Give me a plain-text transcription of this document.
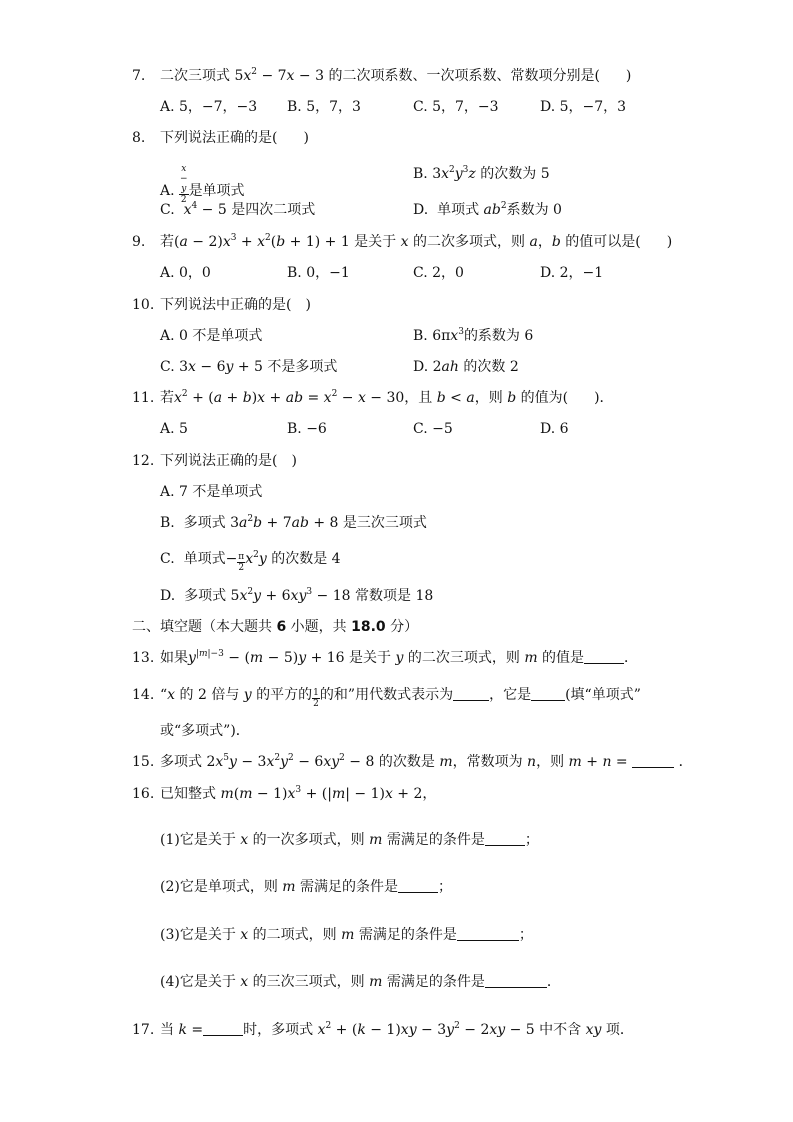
7. 二次三项式 $5x^2 - 7x - 3$ 的二次项系数、一次项系数、常数项分别是( )
A. 5，−7，−3 B. 5，7，3	C. 5，7，−3	D. 5，−7，3
8. 下列说法正确的是( )
A. x
−
y
2 是单项式
B. $3x^2y^3z$ 的次数为 5
C.  $x^4 - 5$ 是四次二项式	D.  单项式 $ab^2$系数为 0
9. 若$(a - 2)x^3 + x^2(b + 1) + 1$ 是关于 x 的二次多项式，则 a，b 的值可以是( )
A. 0，0	B. 0，−1	C. 2，0	D. 2，−1
10. 下列说法中正确的是(　)
A. 0 不是单项式	B. $6\pi x^3$的系数为 6
C. 3x − 6y + 5 不是多项式	D. 2ah 的次数 2
11. 若$x^2 + (a + b)x$ + ab = $x^2 - x - 30$，且 b < a，则 b 的值为( )．
A. 5	B. −6	C. −5	D. 6
12. 下列说法正确的是(　)
A. 7 不是单项式
B.  多项式 $3a^2b + 7ab + 8$ 是三次三项式
C.  单项式− $\frac{\pi}{2} x^2y$ 的次数是 4
D.  多项式 $5x^2y + 6xy^3 - 18$ 常数项是 18
二、填空题（本大题共 6 小题，共 18.0 分）
13. 如果$y^{|m|-3} - (m - 5)y + 16$ 是关于 y 的二次三项式，则 m 的值是	．
14. “x 的 2 倍与 y 的平方的 $\frac{1}{2}$ 的和”用代数式表示为	，它是 (填“单项式”
或“多项式”)．
15. 多项式 $2x^5y - 3x^2y^2 - 6xy^2 - 8$ 的次数是 m，常数项为 n，则 m + n =	．
16. 已知整式 $m(m - 1)x^3 + (|m| - 1)x + 2$，
(1)它是关于 x 的一次多项式，则 m 需满足的条件是	；
(2)它是单项式，则 m 需满足的条件是	；
(3)它是关于 x 的二项式，则 m 需满足的条件是	；
(4)它是关于 x 的三次三项式，则 m 需满足的条件是	．
17. 当 k =	时，多项式 $x^2 + (k - 1)xy - 3y^2 - 2xy - 5$ 中不含 xy 项．
